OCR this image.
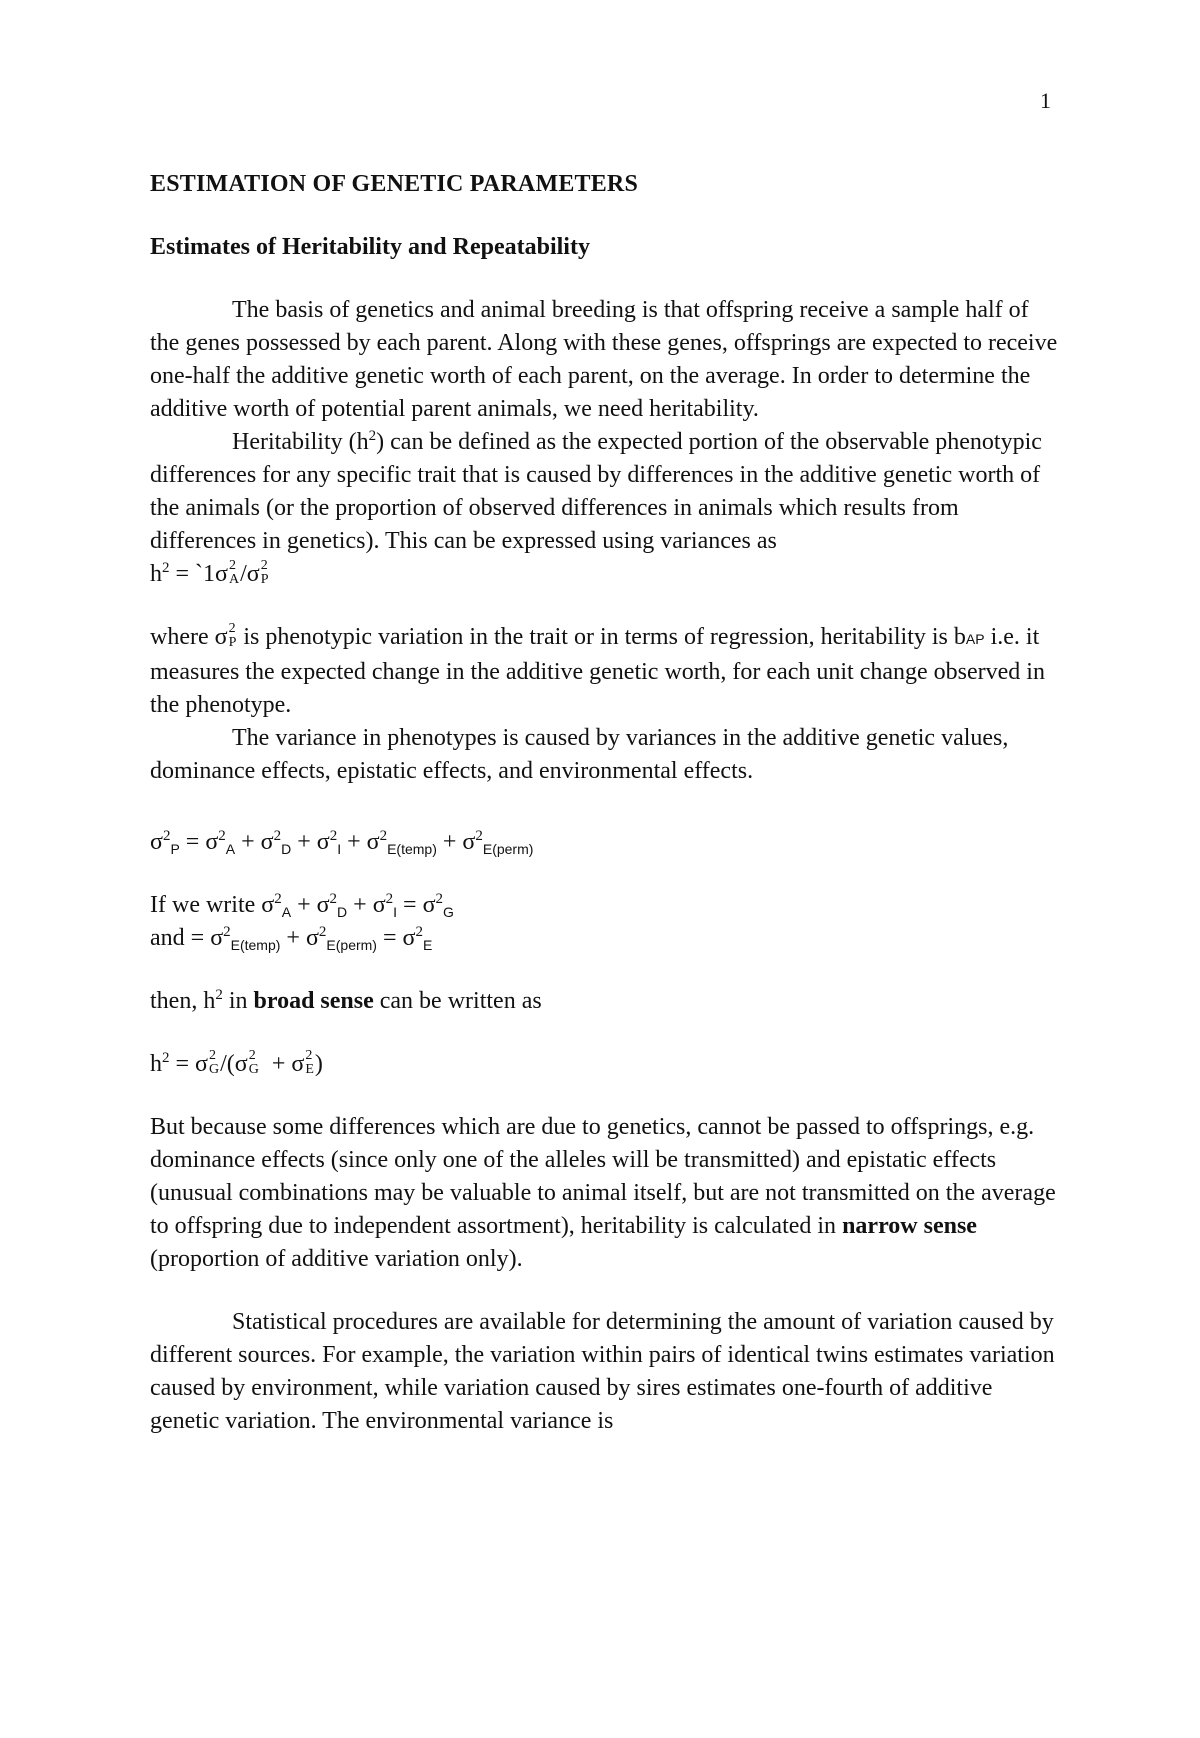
1
ESTIMATION OF GENETIC PARAMETERS
Estimates of Heritability and Repeatability

The basis of genetics and animal breeding is that offspring receive a sample half of the genes possessed by each parent. Along with these genes, offsprings are expected to receive one-half the additive genetic worth of each parent, on the average. In order to determine the additive worth of potential parent animals, we need heritability.

Heritability $(h^2)$ can be defined as the expected portion of the observable phenotypic differences for any specific trait that is caused by differences in the additive genetic worth of the animals (or the proportion of observed differences in animals which results from differences in genetics). This can be expressed using variances as

$h^2$ = `1σ 2
A /σ 2
P

where σ 2
P is phenotypic variation in the trait or in terms of regression, heritability is bAP i.e. it measures the expected change in the additive genetic worth, for each unit change observed in the phenotype.

The variance in phenotypes is caused by variances in the additive genetic values, dominance effects, epistatic effects, and environmental effects.

$\sigma^2_P = \sigma^2_A + \sigma^2_D + \sigma^2_I + \sigma^2_{E(temp)} + \sigma^2_{E(perm)}$

If we write $\sigma^2_A + \sigma^2_D + \sigma^2_I = \sigma^2_G$

and = $\sigma^2_{E(temp)} + \sigma^2_{E(perm)} = \sigma^2_E$

then, $h^2$ in broad sense can be written as

$h^2 = \sigma$ 2
G /(σ 2
G + σ 2
E )

But because some differences which are due to genetics, cannot be passed to offsprings, e.g. dominance effects (since only one of the alleles will be transmitted) and epistatic effects (unusual combinations may be valuable to animal itself, but are not transmitted on the average to offspring due to independent assortment), heritability is calculated in narrow sense (proportion of additive variation only).

Statistical procedures are available for determining the amount of variation caused by different sources. For example, the variation within pairs of identical twins estimates variation caused by environment, while variation caused by sires estimates one-fourth of additive genetic variation. The environmental variance is
